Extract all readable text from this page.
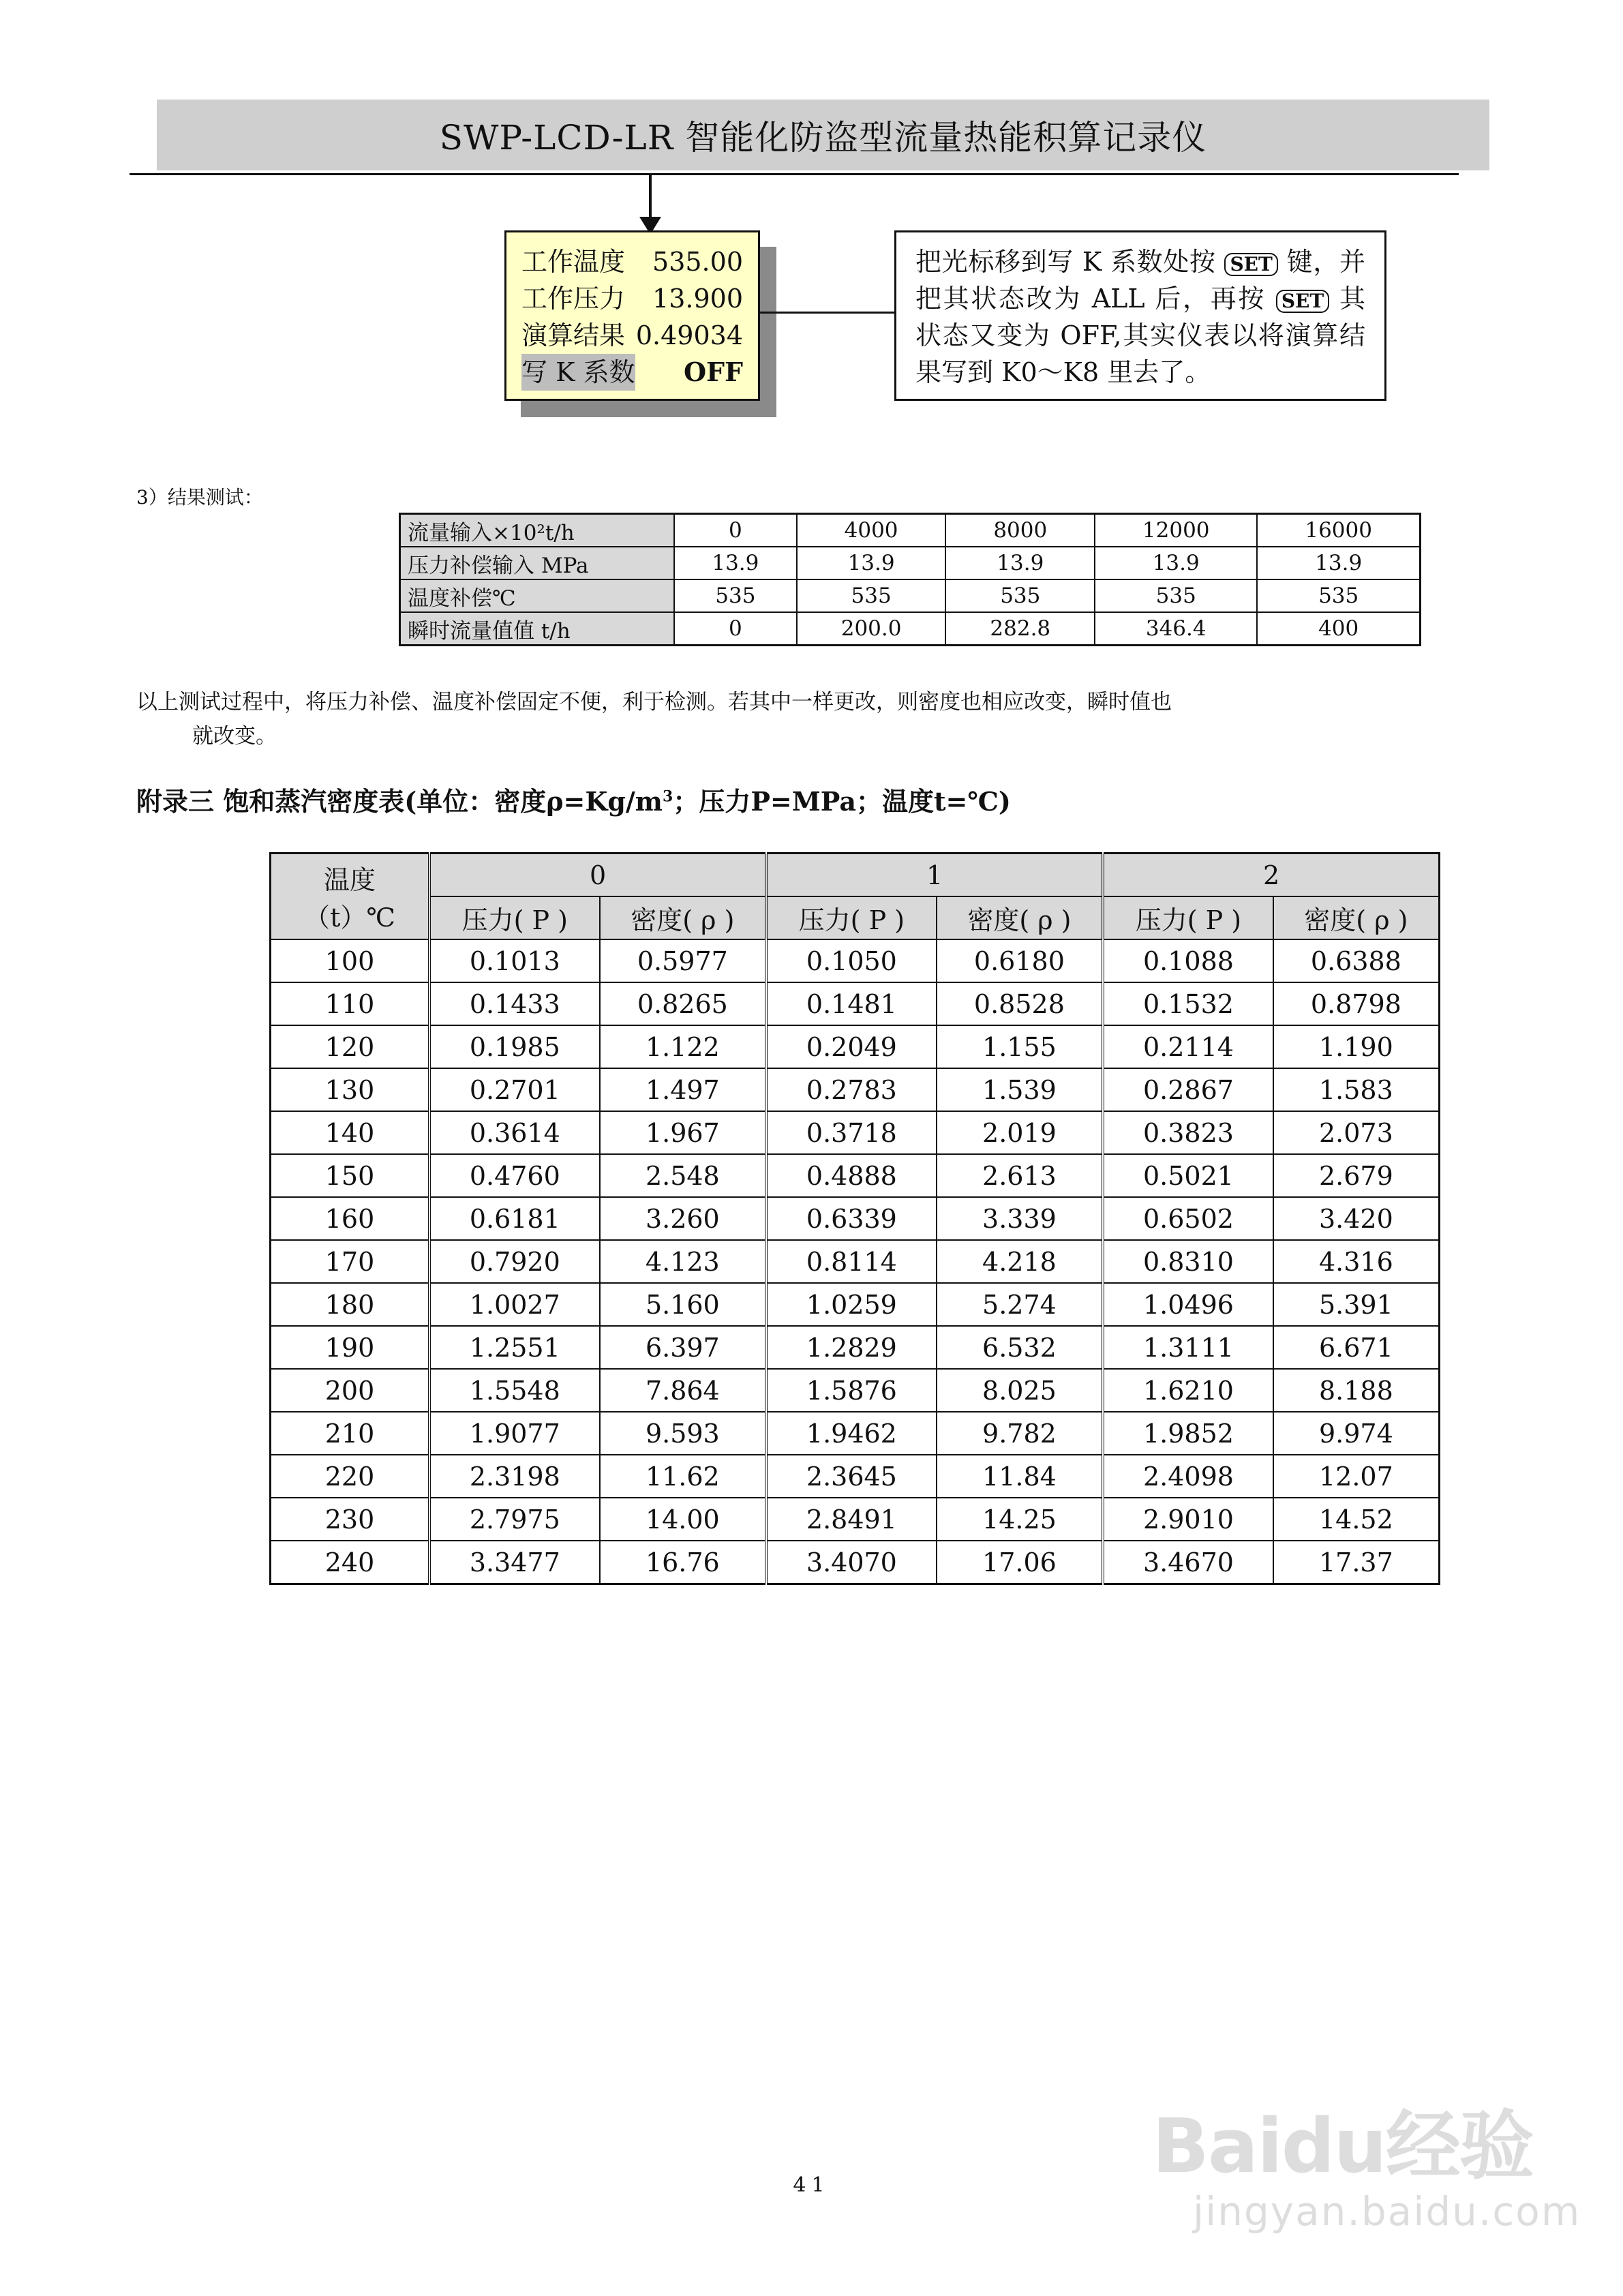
SWP-LCD-LR 智能化防盗型流量热能积算记录仪
工作温度 535.00
工作压力 13.900
演算结果 0.49034
写 K 系数 OFF
把光标移到写 K 系数处按 SET 键，并把其状态改为 ALL 后，再按 SET 其状态又变为 OFF,其实仪表以将演算结果写到 K0～K8 里去了。
3）结果测试：
流量输入×10²t/h	0	4000	8000	12000	16000
压力补偿输入 MPa	13.9	13.9	13.9	13.9	13.9
温度补偿℃	535	535	535	535	535
瞬时流量值值 t/h	0	200.0	282.8	346.4	400
以上测试过程中，将压力补偿、温度补偿固定不便，利于检测。若其中一样更改，则密度也相应改变，瞬时值也
就改变。
附录三 饱和蒸汽密度表(单位：密度$\rho=Kg/m^3$；压力P=MPa；温度t=℃)
温度
（t）℃	0		1		2	
	压力( P )	密度( ρ )	压力( P )	密度( ρ )	压力( P )	密度( ρ )
100	0.1013	0.5977	0.1050	0.6180	0.1088	0.6388
110	0.1433	0.8265	0.1481	0.8528	0.1532	0.8798
120	0.1985	1.122	0.2049	1.155	0.2114	1.190
130	0.2701	1.497	0.2783	1.539	0.2867	1.583
140	0.3614	1.967	0.3718	2.019	0.3823	2.073
150	0.4760	2.548	0.4888	2.613	0.5021	2.679
160	0.6181	3.260	0.6339	3.339	0.6502	3.420
170	0.7920	4.123	0.8114	4.218	0.8310	4.316
180	1.0027	5.160	1.0259	5.274	1.0496	5.391
190	1.2551	6.397	1.2829	6.532	1.3111	6.671
200	1.5548	7.864	1.5876	8.025	1.6210	8.188
210	1.9077	9.593	1.9462	9.782	1.9852	9.974
220	2.3198	11.62	2.3645	11.84	2.4098	12.07
230	2.7975	14.00	2.8491	14.25	2.9010	14.52
240	3.3477	16.76	3.4070	17.06	3.4670	17.37
41	Baidu经验
jingyan.baidu.com
